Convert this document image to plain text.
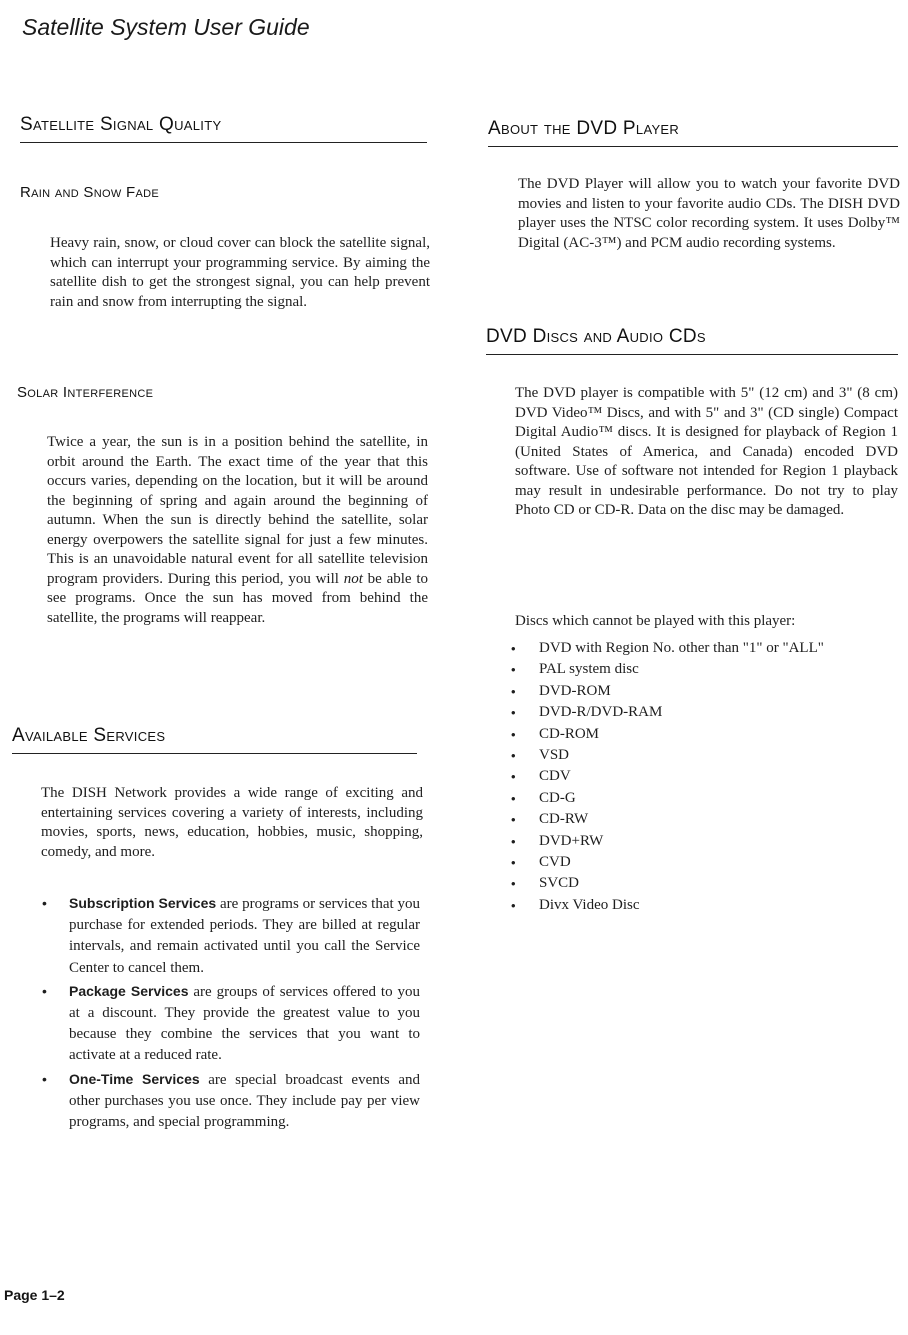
Satellite System User Guide
Satellite Signal Quality
Rain and Snow Fade

Heavy rain, snow, or cloud cover can block the satellite signal, which can interrupt your programming service. By aiming the satellite dish to get the strongest signal, you can help prevent rain and snow from interrupting the signal.

Solar Interference

Twice a year, the sun is in a position behind the satellite, in orbit around the Earth. The exact time of the year that this occurs varies, depending on the location, but it will be around the beginning of spring and again around the beginning of autumn. When the sun is directly behind the satellite, solar energy overpowers the satellite signal for just a few minutes. This is an unavoidable natural event for all satellite television program providers. During this period, you will not be able to see programs. Once the sun has moved from behind the satellite, the programs will reappear.

Available Services

The DISH Network provides a wide range of exciting and entertaining services covering a variety of interests, including movies, sports, news, education, hobbies, music, shopping, comedy, and more.

• Subscription Services are programs or services that you purchase for extended periods. They are billed at regular intervals, and remain activated until you call the Service Center to cancel them.
• Package Services are groups of services offered to you at a discount. They provide the greatest value to you because they combine the services that you want to activate at a reduced rate.
• One-Time Services are special broadcast events and other purchases you use once. They include pay per view programs, and special programming.
About the DVD Player

The DVD Player will allow you to watch your favorite DVD movies and listen to your favorite audio CDs. The DISH DVD player uses the NTSC color recording system. It uses Dolby™ Digital (AC-3™) and PCM audio recording systems.

DVD Discs and Audio CDs

The DVD player is compatible with 5" (12 cm) and 3" (8 cm) DVD Video™ Discs, and with 5" and 3" (CD single) Compact Digital Audio™ discs. It is designed for playback of Region 1 (United States of America, and Canada) encoded DVD software. Use of software not intended for Region 1 playback may result in undesirable performance. Do not try to play Photo CD or CD-R. Data on the disc may be damaged.

Discs which cannot be played with this player:

• DVD with Region No. other than "1" or "ALL"
• PAL system disc
• DVD-ROM
• DVD-R/DVD-RAM
• CD-ROM
• VSD
• CDV
• CD-G
• CD-RW
• DVD+RW
• CVD
• SVCD
• Divx Video Disc

Page 1–2
